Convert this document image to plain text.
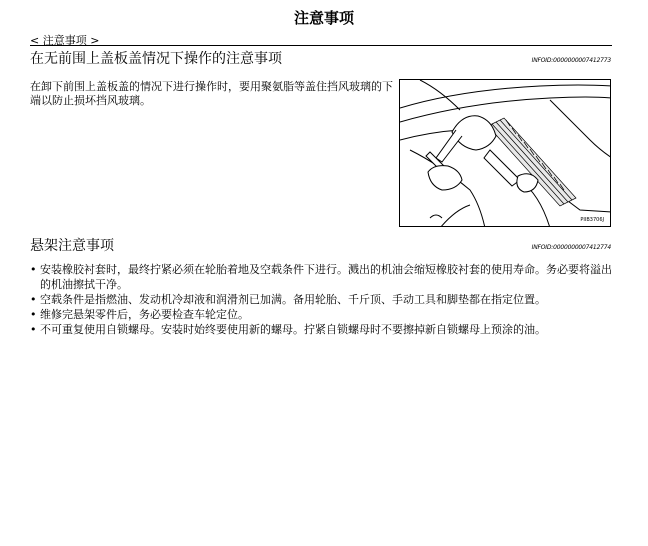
注意事项
< 注意事项 >
在无前围上盖板盖情况下操作的注意事项	INFOID:0000000007412773
在卸下前围上盖板盖的情况下进行操作时，要用聚氨脂等盖住挡风玻璃的下端以防止损坏挡风玻璃。
PIIB3706J
悬架注意事项	INFOID:0000000007412774
• 安装橡胶衬套时，最终拧紧必须在轮胎着地及空载条件下进行。溅出的机油会缩短橡胶衬套的使用寿命。务必要将溢出的机油擦拭干净。
• 空载条件是指燃油、发动机冷却液和润滑剂已加满。备用轮胎、千斤顶、手动工具和脚垫都在指定位置。
• 维修完悬架零件后，务必要检查车轮定位。
• 不可重复使用自锁螺母。安装时始终要使用新的螺母。拧紧自锁螺母时不要擦掉新自锁螺母上预涂的油。
